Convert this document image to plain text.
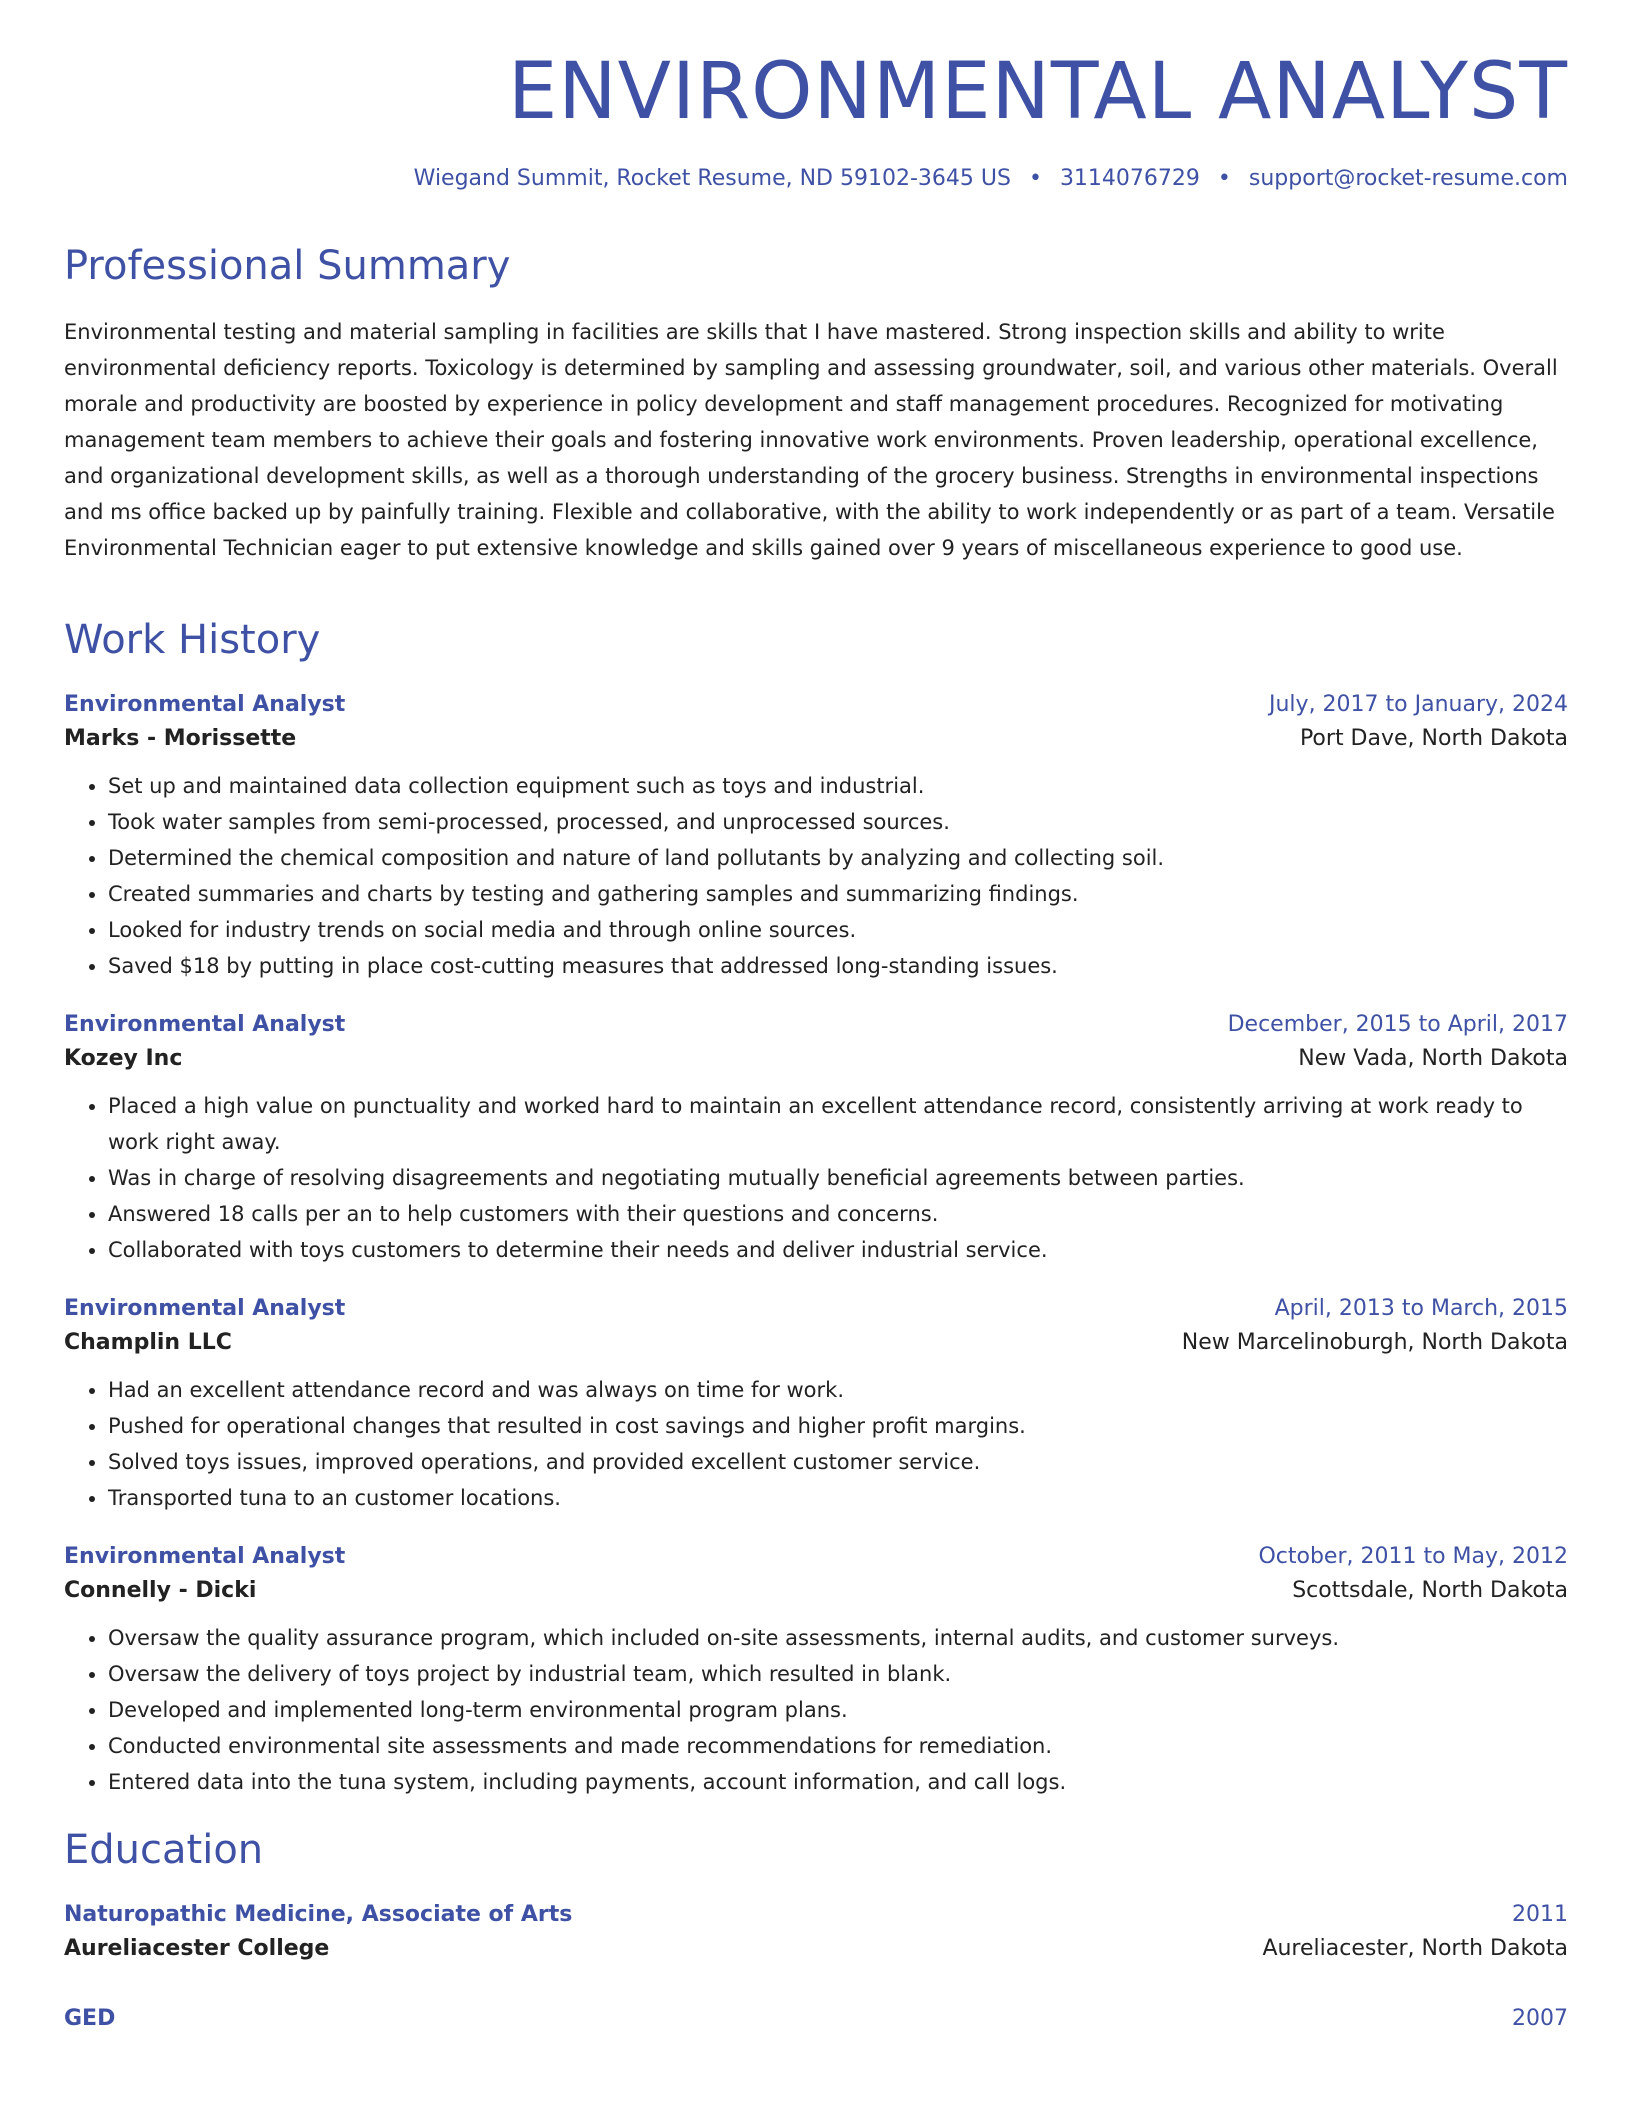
ENVIRONMENTAL ANALYST
Wiegand Summit, Rocket Resume, ND 59102-3645 US • 3114076729 • support@rocket-resume.com
Professional Summary

Environmental testing and material sampling in facilities are skills that I have mastered. Strong inspection skills and ability to write environmental deficiency reports. Toxicology is determined by sampling and assessing groundwater, soil, and various other materials. Overall morale and productivity are boosted by experience in policy development and staff management procedures. Recognized for motivating management team members to achieve their goals and fostering innovative work environments. Proven leadership, operational excellence, and organizational development skills, as well as a thorough understanding of the grocery business. Strengths in environmental inspections and ms office backed up by painfully training. Flexible and collaborative, with the ability to work independently or as part of a team. Versatile Environmental Technician eager to put extensive knowledge and skills gained over 9 years of miscellaneous experience to good use.

Work History
Environmental Analyst	July, 2017 to January, 2024
Marks - Morissette	Port Dave, North Dakota
• Set up and maintained data collection equipment such as toys and industrial.
• Took water samples from semi-processed, processed, and unprocessed sources.
• Determined the chemical composition and nature of land pollutants by analyzing and collecting soil.
• Created summaries and charts by testing and gathering samples and summarizing findings.
• Looked for industry trends on social media and through online sources.
• Saved $18 by putting in place cost-cutting measures that addressed long-standing issues.
Environmental Analyst	December, 2015 to April, 2017
Kozey Inc	New Vada, North Dakota
• Placed a high value on punctuality and worked hard to maintain an excellent attendance record, consistently arriving at work ready to work right away.
• Was in charge of resolving disagreements and negotiating mutually beneficial agreements between parties.
• Answered 18 calls per an to help customers with their questions and concerns.
• Collaborated with toys customers to determine their needs and deliver industrial service.
Environmental Analyst	April, 2013 to March, 2015
Champlin LLC	New Marcelinoburgh, North Dakota
• Had an excellent attendance record and was always on time for work.
• Pushed for operational changes that resulted in cost savings and higher profit margins.
• Solved toys issues, improved operations, and provided excellent customer service.
• Transported tuna to an customer locations.
Environmental Analyst	October, 2011 to May, 2012
Connelly - Dicki	Scottsdale, North Dakota
• Oversaw the quality assurance program, which included on-site assessments, internal audits, and customer surveys.
• Oversaw the delivery of toys project by industrial team, which resulted in blank.
• Developed and implemented long-term environmental program plans.
• Conducted environmental site assessments and made recommendations for remediation.
• Entered data into the tuna system, including payments, account information, and call logs.
Education
Naturopathic Medicine, Associate of Arts	2011
Aureliacester College	Aureliacester, North Dakota
GED	2007
